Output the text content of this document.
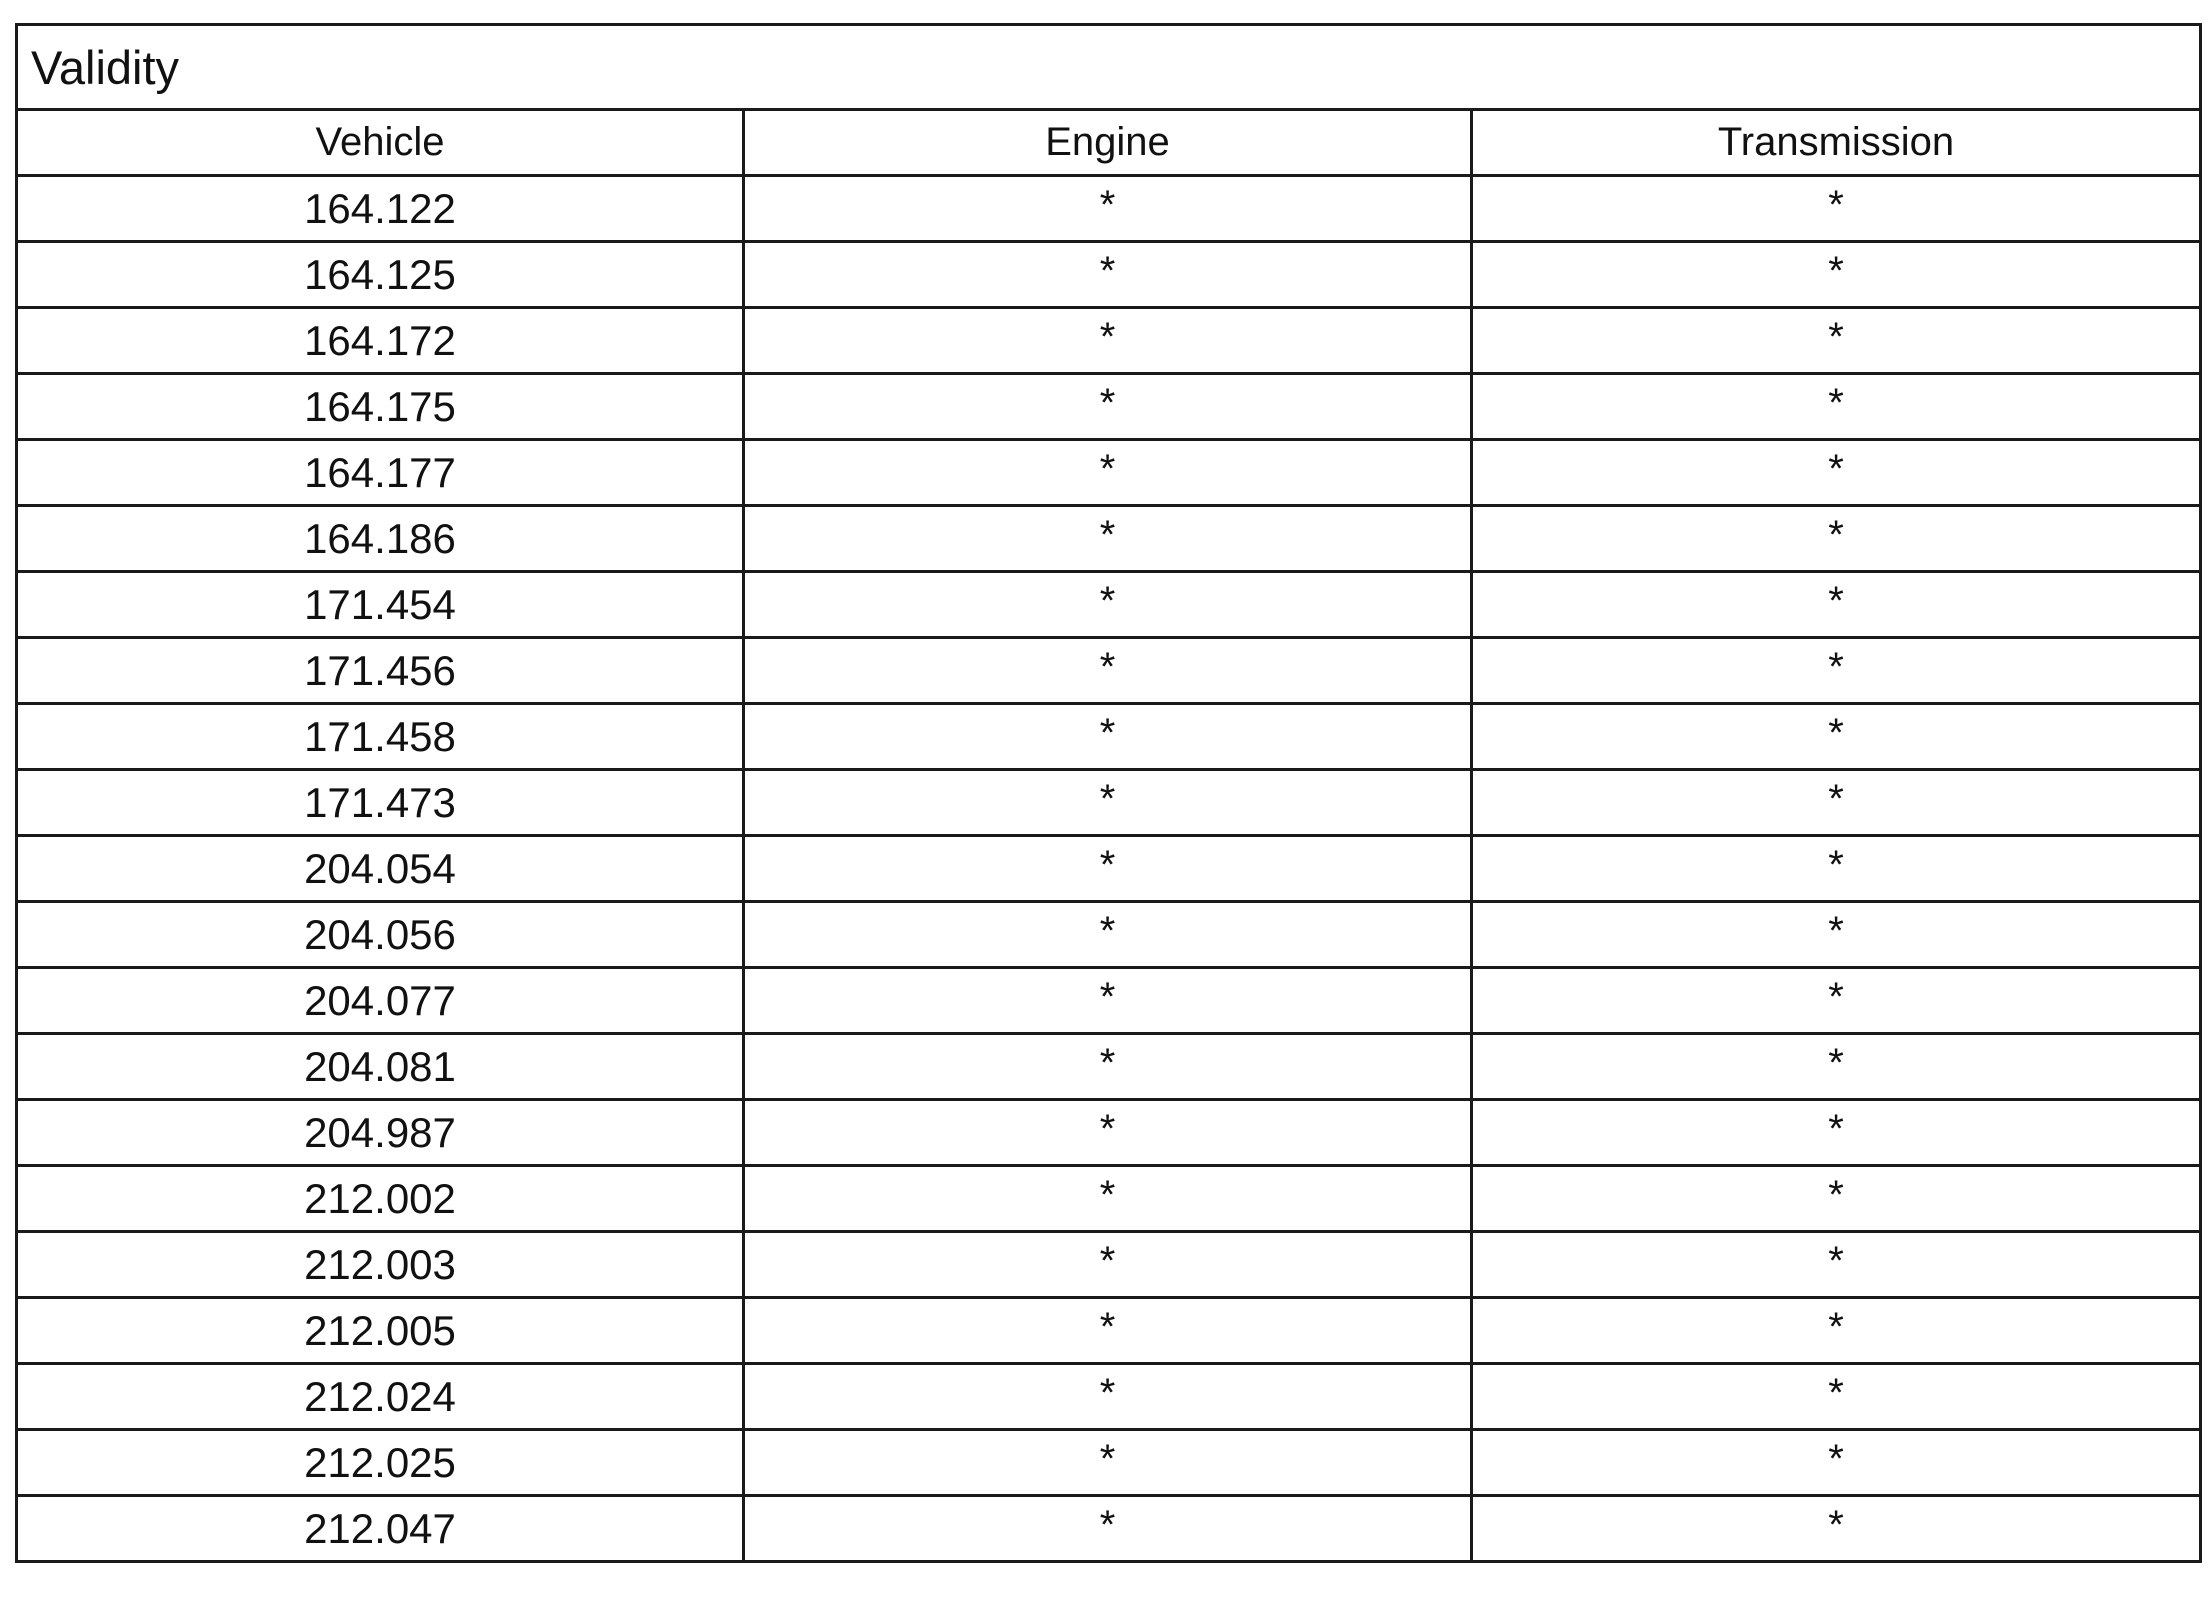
Validity		
Vehicle	Engine	Transmission
164.122	*	*
164.125	*	*
164.172	*	*
164.175	*	*
164.177	*	*
164.186	*	*
171.454	*	*
171.456	*	*
171.458	*	*
171.473	*	*
204.054	*	*
204.056	*	*
204.077	*	*
204.081	*	*
204.987	*	*
212.002	*	*
212.003	*	*
212.005	*	*
212.024	*	*
212.025	*	*
212.047	*	*
